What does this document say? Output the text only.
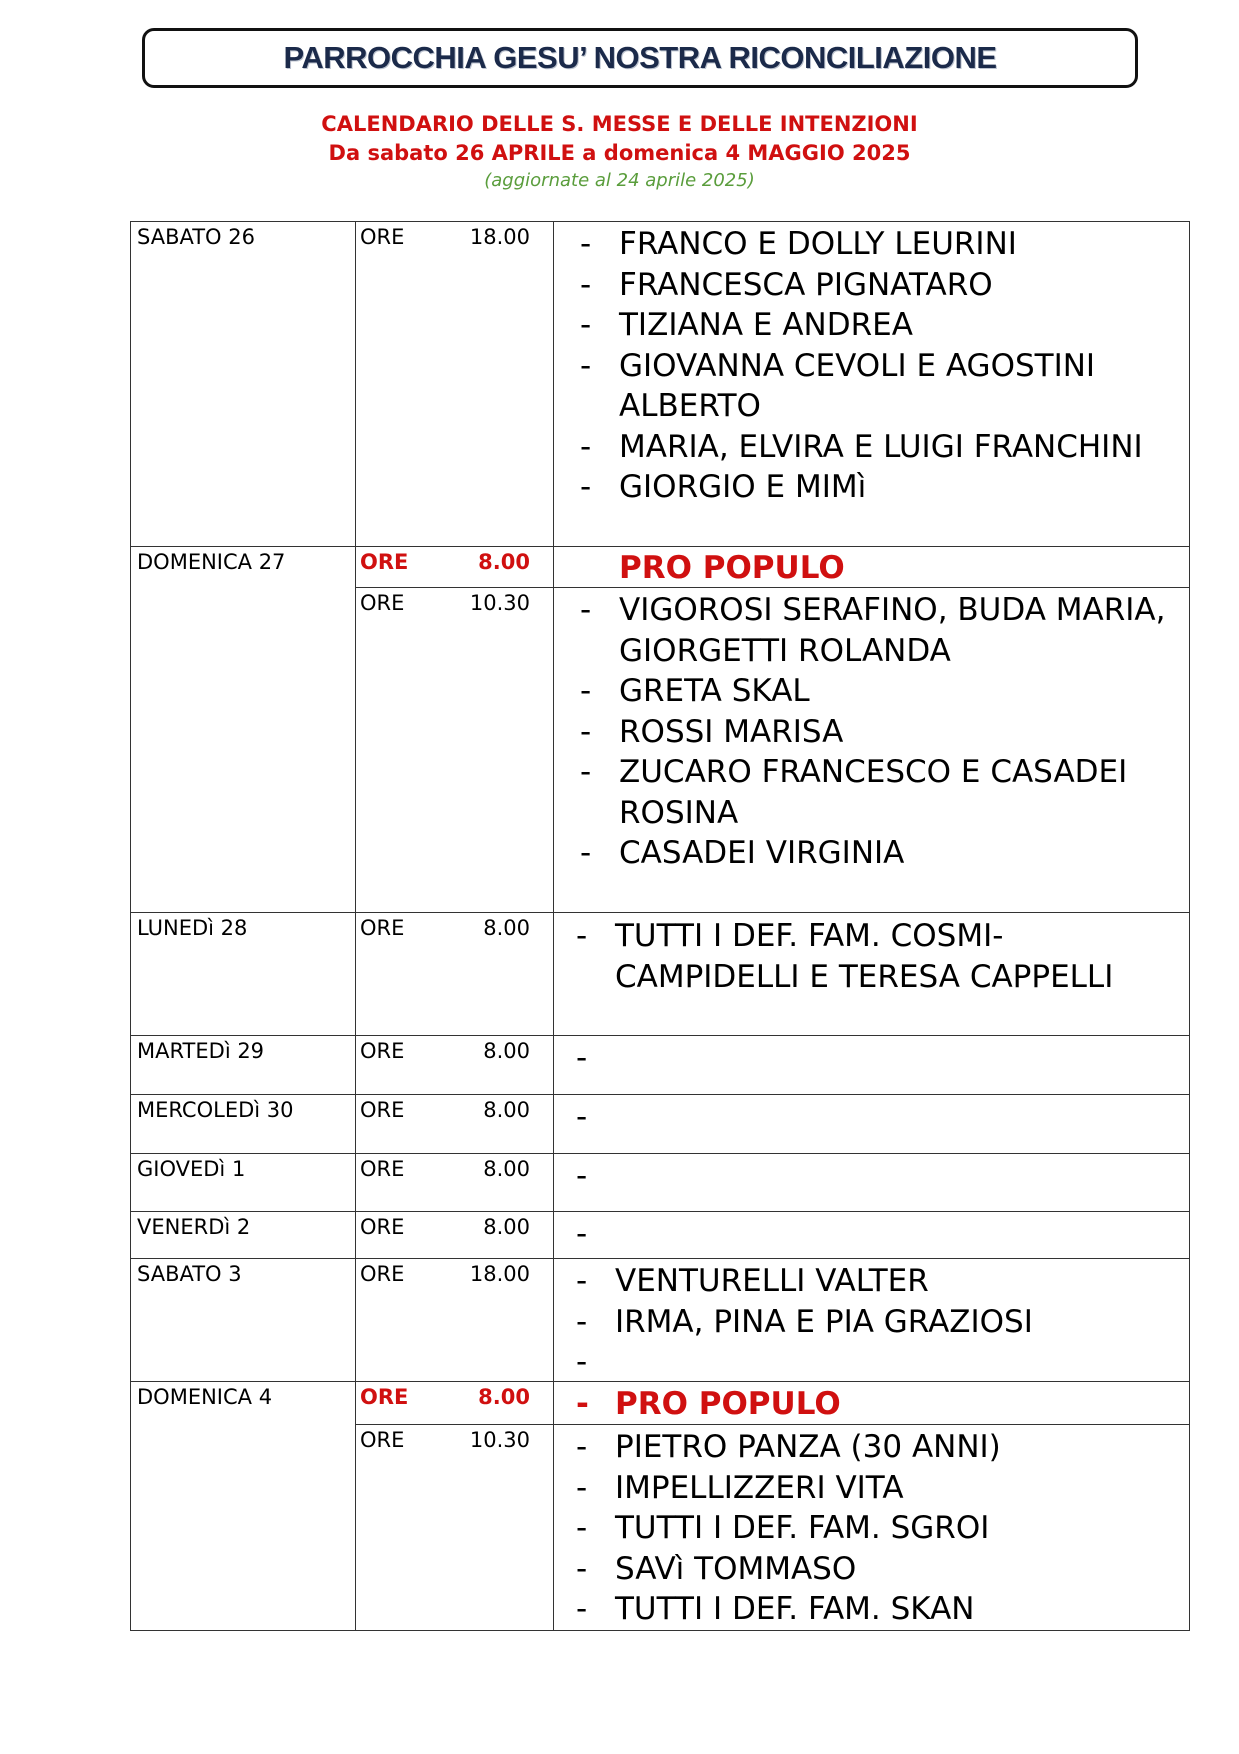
PARROCCHIA GESU’ NOSTRA RICONCILIAZIONE
CALENDARIO DELLE S. MESSE E DELLE INTENZIONI
Da sabato 26 APRILE a domenica 4 MAGGIO 2025
(aggiornate al 24 aprile 2025)
SABATO 26	ORE	18.00 - FRANCO E DOLLY LEURINI
- FRANCESCA PIGNATARO
- TIZIANA E ANDREA
- GIOVANNA CEVOLI E AGOSTINI ALBERTO
- MARIA, ELVIRA E LUIGI FRANCHINI
- GIORGIO E MIMì
DOMENICA 27	ORE	8.00	PRO POPULO
ORE	10.30 - VIGOROSI SERAFINO, BUDA MARIA, GIORGETTI ROLANDA
- GRETA SKAL
- ROSSI MARISA
- ZUCARO FRANCESCO E CASADEI ROSINA
- CASADEI VIRGINIA
LUNEDì 28	ORE	8.00 - TUTTI I DEF. FAM. COSMI-CAMPIDELLI E TERESA CAPPELLI
MARTEDì 29	ORE	8.00 -
MERCOLEDì 30	ORE	8.00 -
GIOVEDì 1	ORE	8.00 -
VENERDì 2	ORE	8.00 -
SABATO 3	ORE	18.00 - VENTURELLI VALTER
- IRMA, PINA E PIA GRAZIOSI
-
DOMENICA 4	ORE	8.00 - PRO POPULO
ORE	10.30 - PIETRO PANZA (30 ANNI)
- IMPELLIZZERI VITA
- TUTTI I DEF. FAM. SGROI
- SAVì TOMMASO
- TUTTI I DEF. FAM. SKAN
